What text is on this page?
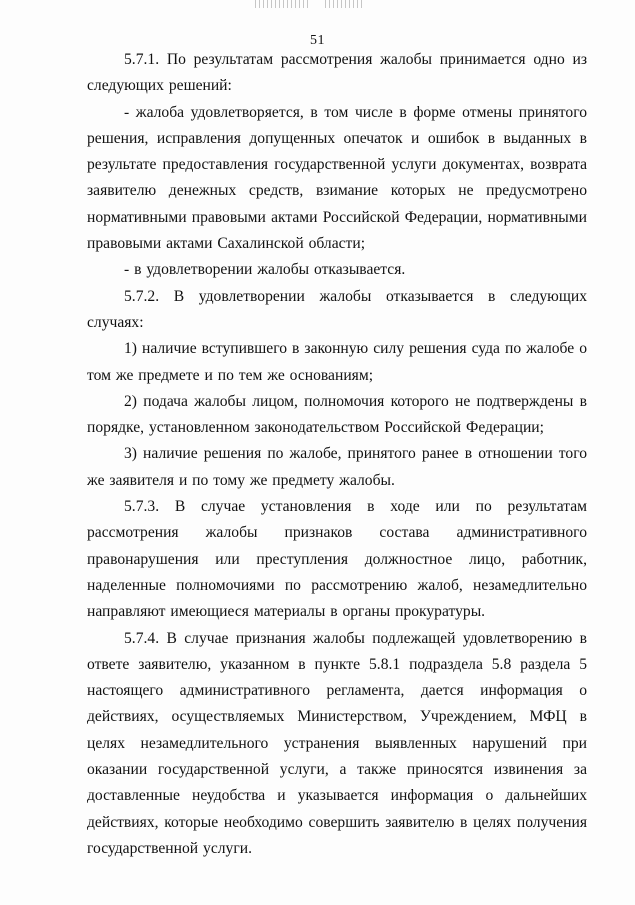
51

5.7.1. По результатам рассмотрения жалобы принимается одно из следующих решений:

- жалоба удовлетворяется, в том числе в форме отмены принятого решения, исправления допущенных опечаток и ошибок в выданных в результате предоставления государственной услуги документах, возврата заявителю денежных средств, взимание которых не предусмотрено нормативными правовыми актами Российской Федерации, нормативными правовыми актами Сахалинской области;

- в удовлетворении жалобы отказывается.

5.7.2. В удовлетворении жалобы отказывается в следующих случаях:

1) наличие вступившего в законную силу решения суда по жалобе о том же предмете и по тем же основаниям;

2) подача жалобы лицом, полномочия которого не подтверждены в порядке, установленном законодательством Российской Федерации;

3) наличие решения по жалобе, принятого ранее в отношении того же заявителя и по тому же предмету жалобы.

5.7.3. В случае установления в ходе или по результатам рассмотрения жалобы признаков состава административного правонарушения или преступления должностное лицо, работник, наделенные полномочиями по рассмотрению жалоб, незамедлительно направляют имеющиеся материалы в органы прокуратуры.

5.7.4. В случае признания жалобы подлежащей удовлетворению в ответе заявителю, указанном в пункте 5.8.1 подраздела 5.8 раздела 5 настоящего административного регламента, дается информация о действиях, осуществляемых Министерством, Учреждением, МФЦ в целях незамедлительного устранения выявленных нарушений при оказании государственной услуги, а также приносятся извинения за доставленные неудобства и указывается информация о дальнейших действиях, которые необходимо совершить заявителю в целях получения государственной услуги.
